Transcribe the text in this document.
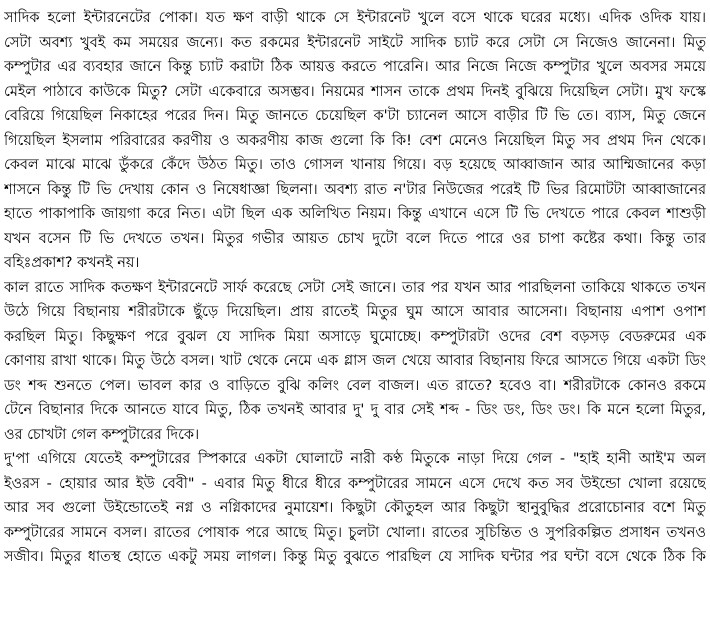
সাদিক হলো ইন্টারনেটের পোকা। যত ক্ষণ বাড়ী থাকে সে ইন্টারনেট খুলে বসে থাকে ঘরের মধ্যে। এদিক ওদিক যায়।
সেটা অবশ্য খুবই কম সময়ের জন্যে। কত রকমের ইন্টারনেট সাইটে সাদিক চ্যাট করে সেটা সে নিজেও জানেনা। মিতু
কম্পুটার এর ব্যবহার জানে কিন্তু চ্যাট করাটা ঠিক আয়ত্ত করতে পারেনি। আর নিজে নিজে কম্পুটার খুলে অবসর সময়ে
মেইল পাঠাবে কাউকে মিতু? সেটা একেবারে অসম্ভব। নিয়মের শাসন তাকে প্রথম দিনই বুঝিয়ে দিয়েছিল সেটা। মুখ ফস্কে
বেরিয়ে গিয়েছিল নিকাহের পরের দিন। মিতু জানতে চেয়েছিল ক'টা চ্যানেল আসে বাড়ীর টি ভি তে। ব্যাস, মিতু জেনে
গিয়েছিল ইসলাম পরিবারের করণীয় ও অকরণীয় কাজ গুলো কি কি! বেশ মেনেও নিয়েছিল মিতু সব প্রথম দিন থেকে।
কেবল মাঝে মাঝে ডুঁকরে কেঁদে উঠত মিতু। তাও গোসল খানায় গিয়ে। বড় হয়েছে আব্বাজান আর আম্মিজানের কড়া
শাসনে কিন্তু টি ভি দেখায় কোন ও নিষেধাজ্ঞা ছিলনা। অবশ্য রাত ন'টার নিউজের পরেই টি ভির রিমোটটা আব্বাজানের
হাতে পাকাপাকি জায়গা করে নিত। এটা ছিল এক অলিখিত নিয়ম। কিন্তু এখানে এসে টি ভি দেখতে পারে কেবল শাশুড়ী
যখন বসেন টি ভি দেখতে তখন। মিতুর গভীর আয়ত চোখ দুটো বলে দিতে পারে ওর চাপা কষ্টের কথা। কিন্তু তার
বহিঃপ্রকাশ? কখনই নয়।
কাল রাতে সাদিক কতক্ষণ ইন্টারনেটে সার্ফ করেছে সেটা সেই জানে। তার পর যখন আর পারছিলনা তাকিয়ে থাকতে তখন
উঠে গিয়ে বিছানায় শরীরটাকে ছুঁড়ে দিয়েছিল। প্রায় রাতেই মিতুর ঘুম আসে আবার আসেনা। বিছানায় এপাশ ওপাশ
করছিল মিতু। কিছুক্ষণ পরে বুঝল যে সাদিক মিয়া অসাড়ে ঘুমোচ্ছে। কম্পুটারটা ওদের বেশ বড়সড় বেডরুমের এক
কোণায় রাখা থাকে। মিতু উঠে বসল। খাট থেকে নেমে এক গ্লাস জল খেয়ে আবার বিছানায় ফিরে আসতে গিয়ে একটা ডিং
ডং শব্দ শুনতে পেল। ভাবল কার ও বাড়িতে বুঝি কলিং বেল বাজল। এত রাতে? হবেও বা। শরীরটাকে কোনও রকমে
টেনে বিছানার দিকে আনতে যাবে মিতু, ঠিক তখনই আবার দু' দু বার সেই শব্দ - ডিং ডং, ডিং ডং। কি মনে হলো মিতুর,
ওর চোখটা গেল কম্পুটারের দিকে।
দু'পা এগিয়ে যেতেই কম্পুটারের স্পিকারে একটা ঘোলাটে নারী কণ্ঠ মিতুকে নাড়া দিয়ে গেল - "হাই হানী আই'ম অল
ইওরস - হোয়ার আর ইউ বেবী" - এবার মিতু ধীরে ধীরে কম্পুটারের সামনে এসে দেখে কত সব উইন্ডো খোলা রয়েছে
আর সব গুলো উইন্ডোতেই নগ্ন ও নগ্নিকাদের নুমায়েশ। কিছুটা কৌতুহল আর কিছুটা স্থানুবুদ্ধির প্ররোচোনার বশে মিতু
কম্পুটারের সামনে বসল। রাতের পোষাক পরে আছে মিতু। চুলটা খোলা। রাতের সুচিন্তিত ও সুপরিকল্পিত প্রসাধন তখনও
সজীব। মিতুর ধাতস্থ হোতে একটু সময় লাগল। কিন্তু মিতু বুঝতে পারছিল যে সাদিক ঘন্টার পর ঘন্টা বসে থেকে ঠিক কি
